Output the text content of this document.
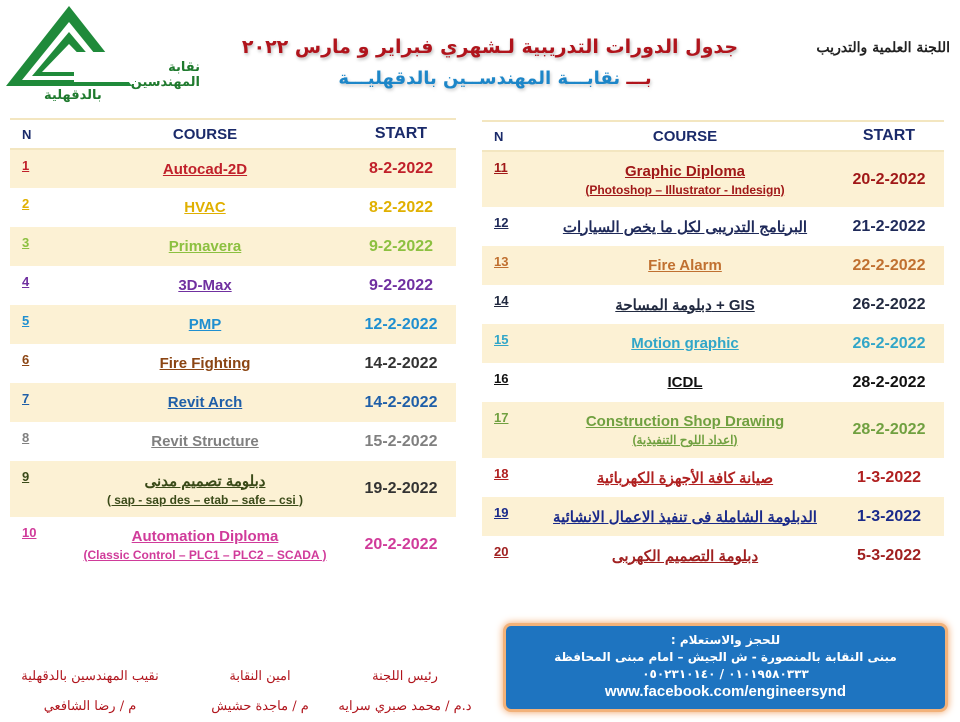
نقابة المهندسين
بالدقهلية
جدول الدورات التدريبية لـشهري فبراير و مارس ٢٠٢٢
بـــ نقابـــة المهندســين بالدقهليـــة
اللجنة العلمية والتدريب
N	COURSE	START
1	Autocad-2D	8-2-2022
2	HVAC	8-2-2022
3	Primavera	9-2-2022
4	3D-Max	9-2-2022
5	PMP	12-2-2022
6	Fire Fighting	14-2-2022
7	Revit Arch	14-2-2022
8	Revit Structure	15-2-2022
9	دبلومة تصميم مدنى
( sap - sap des – etab – safe – csi )	19-2-2022
10	Automation Diploma
(Classic Control – PLC1 – PLC2 – SCADA )	20-2-2022
N	COURSE	START
11	Graphic Diploma
(Photoshop – Illustrator - Indesign)	20-2-2022
12	البرنامج التدريبى لكل ما يخص السيارات	21-2-2022
13	Fire Alarm	22-2-2022
14	دبلومة المساحة + GIS	26-2-2022
15	Motion graphic	26-2-2022
16	ICDL	28-2-2022
17	Construction Shop Drawing
(اعداد اللوح التنفيذية)	28-2-2022
18	صيانة كافة الأجهزة الكهربائية	1-3-2022
19	الدبلومة الشاملة فى تنفيذ الاعمال الانشائية	1-3-2022
20	دبلومة التصميم الكهربى	5-3-2022
نقيب المهندسين بالدقهلية
م / رضا الشافعي
امين النقابة
م / ماجدة حشيش
رئيس اللجنة
د.م / محمد صبري سرايه
للحجز والاستعلام :
مبنى النقابة بالمنصورة - ش الجيش – امام مبنى المحافظة
٠١٠١٩٥٨٠٣٣٣ / ٠٥٠٢٣١٠١٤٠
www.facebook.com/engineersynd
